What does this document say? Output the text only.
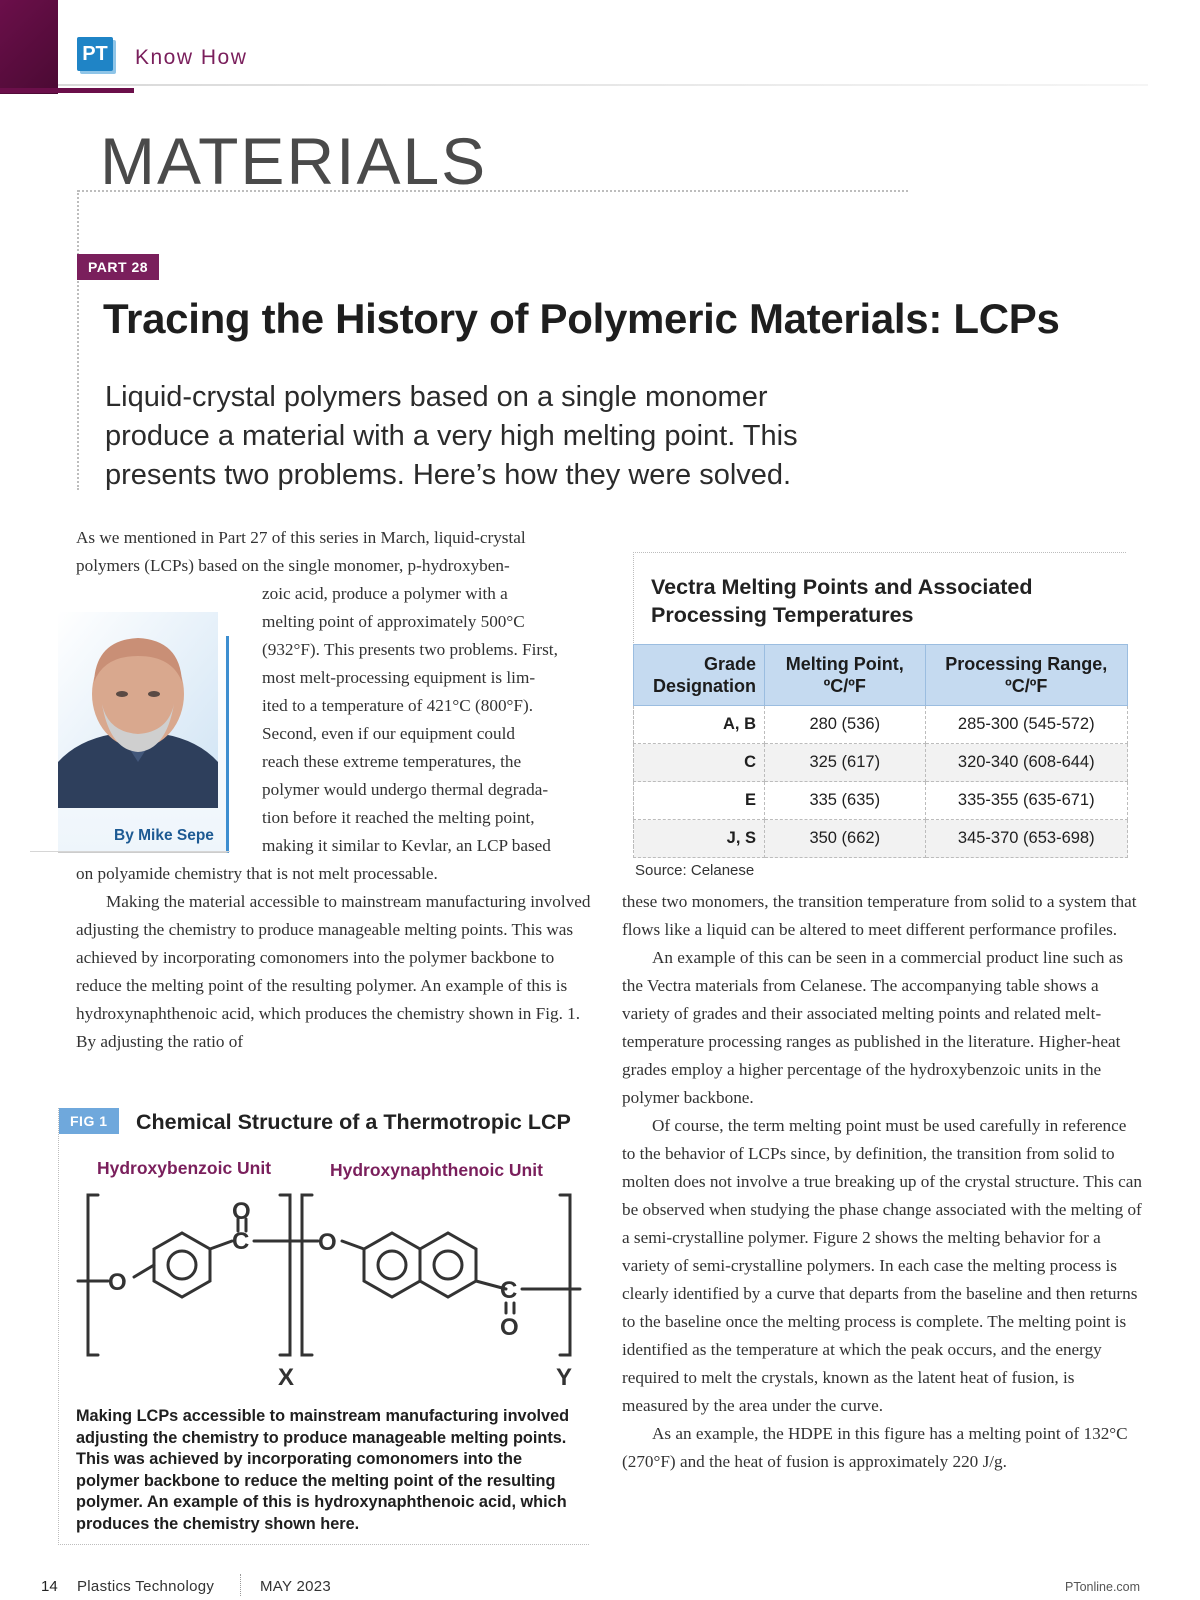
PT Know How
MATERIALS
PART 28
Tracing the History of Polymeric Materials: LCPs
Liquid-crystal polymers based on a single monomer produce a material with a very high melting point. This presents two problems. Here’s how they were solved.
As we mentioned in Part 27 of this series in March, liquid-crystal
polymers (LCPs) based on the single monomer, p-hydroxyben-
zoic acid, produce a polymer with a
melting point of approximately 500°C
(932°F). This presents two problems. First,
most melt-processing equipment is lim-
ited to a temperature of 421°C (800°F).
Second, even if our equipment could
reach these extreme temperatures, the
polymer would undergo thermal degrada-
tion before it reached the melting point,
making it similar to Kevlar, an LCP based
on polyamide chemistry that is not melt processable.

Making the material accessible to mainstream manufacturing involved adjusting the chemistry to produce manageable melting points. This was achieved by incorporating comonomers into the polymer backbone to reduce the melting point of the resulting polymer. An example of this is hydroxynaphthenoic acid, which produces the chemistry shown in Fig. 1. By adjusting the ratio of

By Mike Sepe
Vectra Melting Points and Associated Processing Temperatures
Grade Designation	Melting Point, ºC/ºF	Processing Range, ºC/ºF
A, B	280 (536)	285-300 (545-572)
C	325 (617)	320-340 (608-644)
E	335 (635)	335-355 (635-671)
J, S	350 (662)	345-370 (653-698)
Source: Celanese

these two monomers, the transition temperature from solid to a system that flows like a liquid can be altered to meet different performance profiles.

An example of this can be seen in a commercial product line such as the Vectra materials from Celanese. The accompanying table shows a variety of grades and their associated melting points and related melt-temperature processing ranges as published in the literature. Higher-heat grades employ a higher percentage of the hydroxybenzoic units in the polymer backbone.

Of course, the term melting point must be used carefully in reference to the behavior of LCPs since, by definition, the transition from solid to molten does not involve a true breaking up of the crystal structure. This can be observed when studying the phase change associated with the melting of a semi-crystalline polymer. Figure 2 shows the melting behavior for a variety of semi-crystalline polymers. In each case the melting process is clearly identified by a curve that departs from the baseline and then returns to the baseline once the melting process is complete. The melting point is identified as the temperature at which the peak occurs, and the energy required to melt the crystals, known as the latent heat of fusion, is measured by the area under the curve.

As an example, the HDPE in this figure has a melting point of 132°C (270°F) and the heat of fusion is approximately 220 J/g.

FIG 1	Chemical Structure of a Thermotropic LCP
Hydroxybenzoic Unit	Hydroxynaphthenoic Unit
O
O
C	O
C
O
X	Y
Making LCPs accessible to mainstream manufacturing involved adjusting the chemistry to produce manageable melting points. This was achieved by incorporating comonomers into the polymer backbone to reduce the melting point of the resulting polymer. An example of this is hydroxynaphthenoic acid, which produces the chemistry shown here.
14 Plastics Technology	MAY 2023	PTonline.com
